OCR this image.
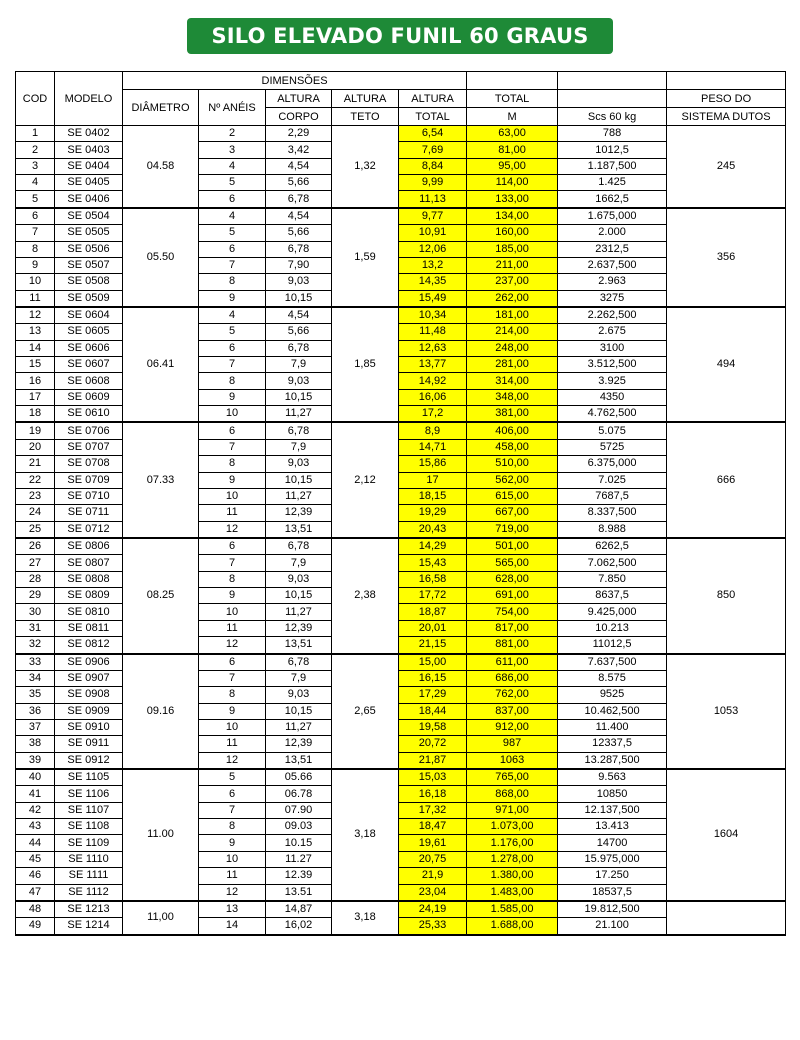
SILO ELEVADO FUNIL 60 GRAUS
COD	MODELO	DIMENSÕES							
		DIÂMETRO	Nº ANÉIS	ALTURA	ALTURA	ALTURA	TOTAL		PESO DO
				CORPO	TETO	TOTAL	M	Scs 60 kg	SISTEMA DUTOS
1	SE 0402	04.58	2	2,29	1,32	6,54	63,00	788	245
2	SE 0403		3	3,42		7,69	81,00	1012,5	
3	SE 0404		4	4,54		8,84	95,00	1.187,500	
4	SE 0405		5	5,66		9,99	114,00	1.425	
5	SE 0406		6	6,78		11,13	133,00	1662,5	
6	SE 0504	05.50	4	4,54	1,59	9,77	134,00	1.675,000	356
7	SE 0505		5	5,66		10,91	160,00	2.000	
8	SE 0506		6	6,78		12,06	185,00	2312,5	
9	SE 0507		7	7,90		13,2	211,00	2.637,500	
10	SE 0508		8	9,03		14,35	237,00	2.963	
11	SE 0509		9	10,15		15,49	262,00	3275	
12	SE 0604	06.41	4	4,54	1,85	10,34	181,00	2.262,500	494
13	SE 0605		5	5,66		11,48	214,00	2.675	
14	SE 0606		6	6,78		12,63	248,00	3100	
15	SE 0607		7	7,9		13,77	281,00	3.512,500	
16	SE 0608		8	9,03		14,92	314,00	3.925	
17	SE 0609		9	10,15		16,06	348,00	4350	
18	SE 0610		10	11,27		17,2	381,00	4.762,500	
19	SE 0706	07.33	6	6,78	2,12	8,9	406,00	5.075	666
20	SE 0707		7	7,9		14,71	458,00	5725	
21	SE 0708		8	9,03		15,86	510,00	6.375,000	
22	SE 0709		9	10,15		17	562,00	7.025	
23	SE 0710		10	11,27		18,15	615,00	7687,5	
24	SE 0711		11	12,39		19,29	667,00	8.337,500	
25	SE 0712		12	13,51		20,43	719,00	8.988	
26	SE 0806	08.25	6	6,78	2,38	14,29	501,00	6262,5	850
27	SE 0807		7	7,9		15,43	565,00	7.062,500	
28	SE 0808		8	9,03		16,58	628,00	7.850	
29	SE 0809		9	10,15		17,72	691,00	8637,5	
30	SE 0810		10	11,27		18,87	754,00	9.425,000	
31	SE 0811		11	12,39		20,01	817,00	10.213	
32	SE 0812		12	13,51		21,15	881,00	11012,5	
33	SE 0906	09.16	6	6,78	2,65	15,00	611,00	7.637,500	1053
34	SE 0907		7	7,9		16,15	686,00	8.575	
35	SE 0908		8	9,03		17,29	762,00	9525	
36	SE 0909		9	10,15		18,44	837,00	10.462,500	
37	SE 0910		10	11,27		19,58	912,00	11.400	
38	SE 0911		11	12,39		20,72	987	12337,5	
39	SE 0912		12	13,51		21,87	1063	13.287,500	
40	SE 1105	11.00	5	05.66	3,18	15,03	765,00	9.563	1604
41	SE 1106		6	06.78		16,18	868,00	10850	
42	SE 1107		7	07.90		17,32	971,00	12.137,500	
43	SE 1108		8	09.03		18,47	1.073,00	13.413	
44	SE 1109		9	10.15		19,61	1.176,00	14700	
45	SE 1110		10	11.27		20,75	1.278,00	15.975,000	
46	SE 1111		11	12.39		21,9	1.380,00	17.250	
47	SE 1112		12	13.51		23,04	1.483,00	18537,5	
48	SE 1213	11,00	13	14,87	3,18	24,19	1.585,00	19.812,500	
49	SE 1214		14	16,02		25,33	1.688,00	21.100	
